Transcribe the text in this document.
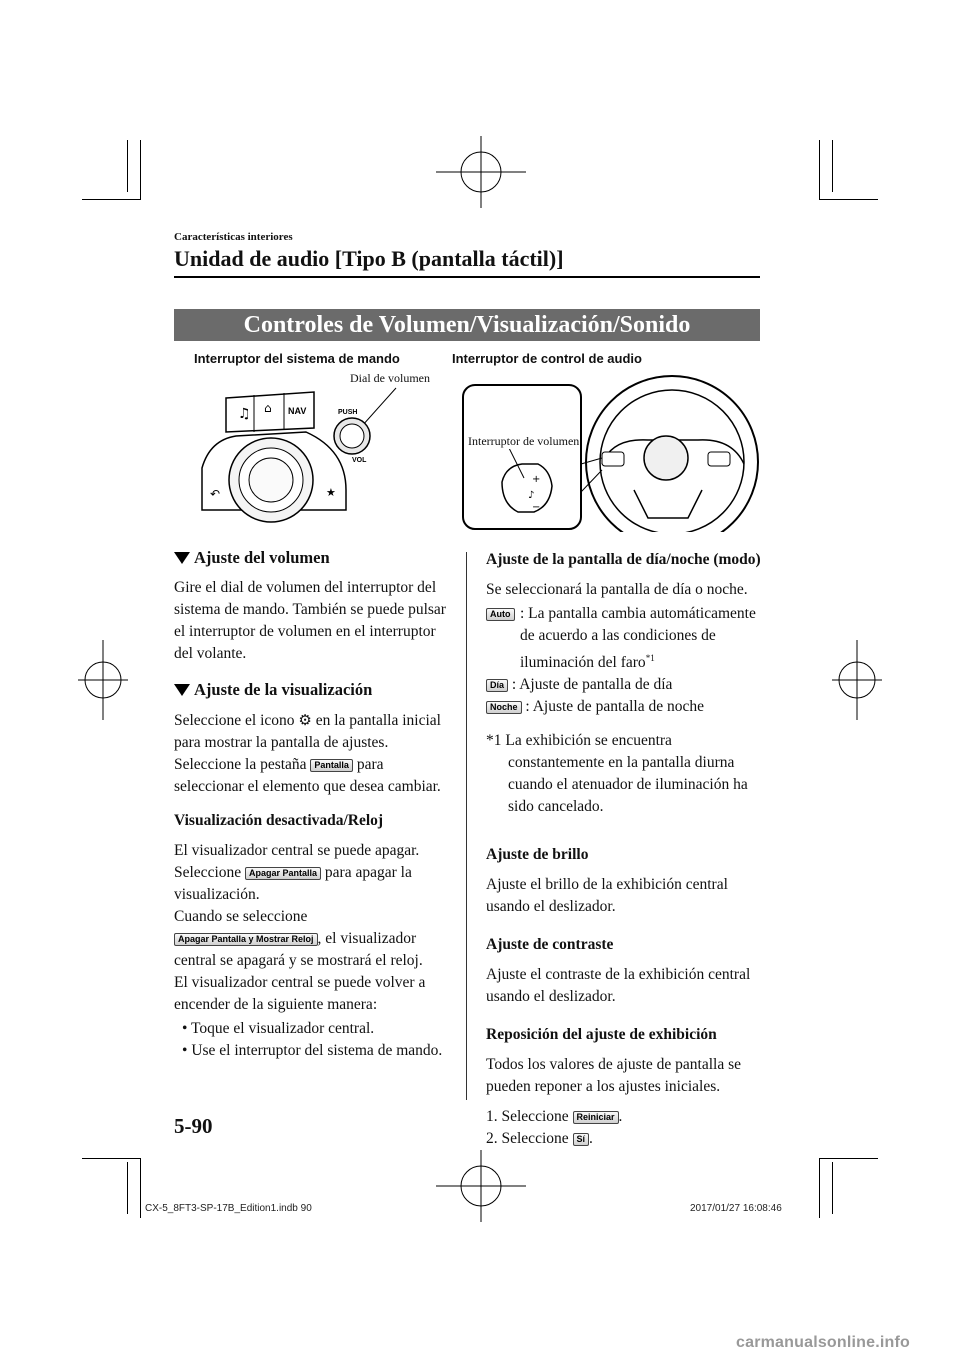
Características interiores
Unidad de audio [Tipo B (pantalla táctil)]
Controles de Volumen/Visualización/Sonido
Interruptor del sistema de mando	Interruptor de control de audio
Dial de volumen
♫ ⌂ NAV
↶	★
PUSH
VOL
+
♪
−
Interruptor de volumen
Ajuste del volumen

Gire el dial de volumen del interruptor del sistema de mando. También se puede pulsar el interruptor de volumen en el interruptor del volante.

Ajuste de la visualización

Seleccione el icono ⚙ en la pantalla inicial para mostrar la pantalla de ajustes. Seleccione la pestaña Pantalla para seleccionar el elemento que desea cambiar.

Visualización desactivada/Reloj

El visualizador central se puede apagar.
Seleccione Apagar Pantalla para apagar la visualización.
Cuando se seleccione
Apagar Pantalla y Mostrar Reloj , el visualizador central se apagará y se mostrará el reloj.
El visualizador central se puede volver a encender de la siguiente manera:

• Toque el visualizador central.
• Use el interruptor del sistema de mando.
Ajuste de la pantalla de día/noche (modo)

Se seleccionará la pantalla de día o noche.

Auto : La pantalla cambia automáticamente de acuerdo a las condiciones de iluminación del faro$^{*1}$
Día : Ajuste de pantalla de día
Noche : Ajuste de pantalla de noche
*1 La exhibición se encuentra constantemente en la pantalla diurna cuando el atenuador de iluminación ha sido cancelado.
Ajuste de brillo

Ajuste el brillo de la exhibición central usando el deslizador.

Ajuste de contraste

Ajuste el contraste de la exhibición central usando el deslizador.

Reposición del ajuste de exhibición

Todos los valores de ajuste de pantalla se pueden reponer a los ajustes iniciales.

1. Seleccione Reiniciar .
2. Seleccione Sí .
5-90
CX-5_8FT3-SP-17B_Edition1.indb 90	2017/01/27 16:08:46
carmanualsonline.info
